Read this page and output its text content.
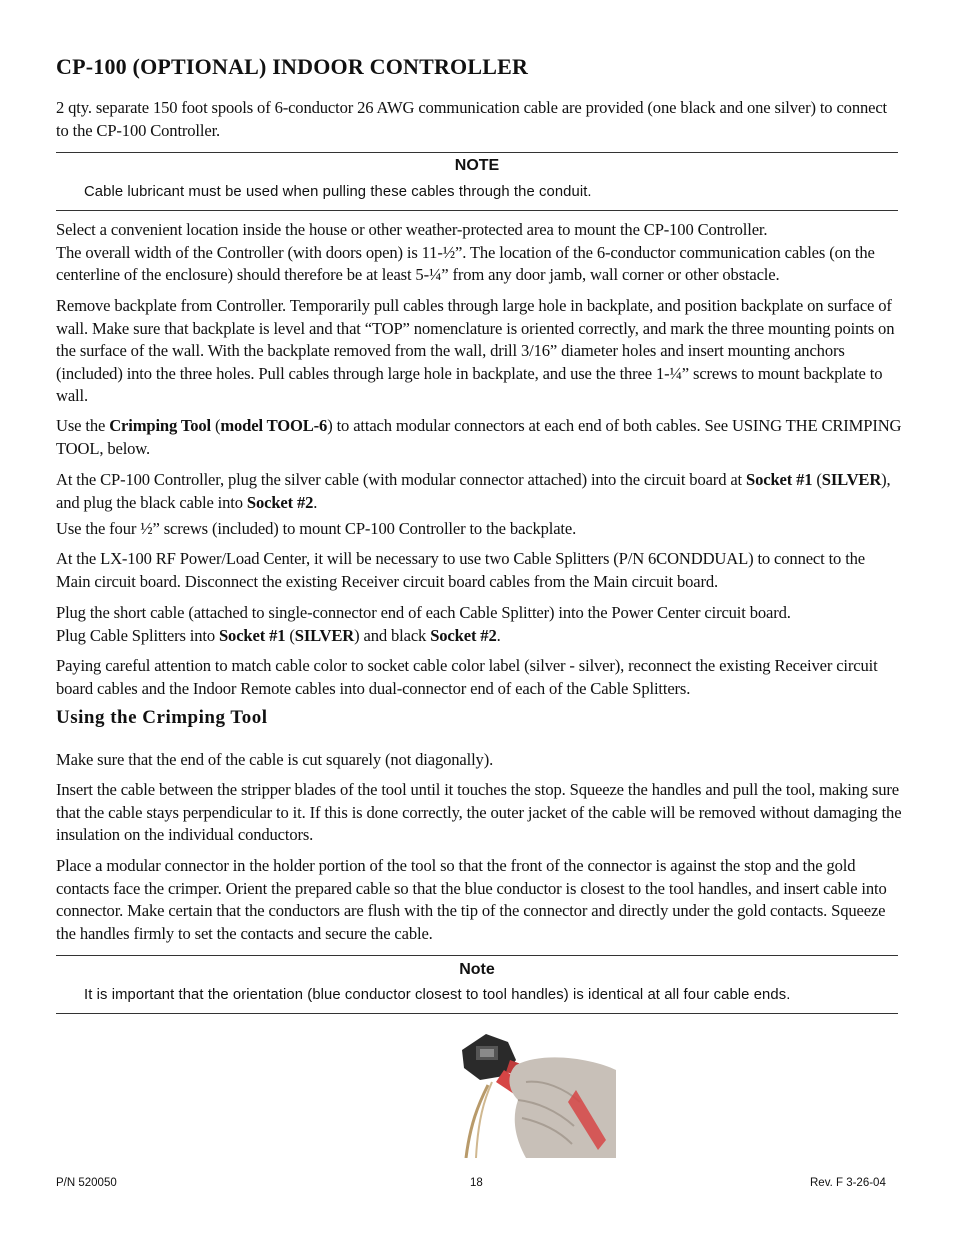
CP-100 (OPTIONAL) INDOOR CONTROLLER

2 qty. separate 150 foot spools of 6-conductor 26 AWG communication cable are provided (one black and one silver) to connect to the CP-100 Controller.

NOTE
Cable lubricant must be used when pulling these cables through the conduit.

Select a convenient location inside the house or other weather-protected area to mount the CP-100 Controller.
The overall width of the Controller (with doors open) is 11-½”. The location of the 6-conductor communication cables (on the centerline of the enclosure) should therefore be at least 5-¼” from any door jamb, wall corner or other obstacle.

Remove backplate from Controller. Temporarily pull cables through large hole in backplate, and position backplate on surface of wall. Make sure that backplate is level and that “TOP” nomenclature is oriented correctly, and mark the three mounting points on the surface of the wall. With the backplate removed from the wall, drill 3/16” diameter holes and insert mounting anchors (included) into the three holes. Pull cables through large hole in backplate, and use the three 1-¼” screws to mount backplate to wall.

Use the Crimping Tool (model TOOL-6) to attach modular connectors at each end of both cables. See USING THE CRIMPING TOOL, below.

At the CP-100 Controller, plug the silver cable (with modular connector attached) into the circuit board at Socket #1 (SILVER), and plug the black cable into Socket #2.

Use the four ½” screws (included) to mount CP-100 Controller to the backplate.

At the LX-100 RF Power/Load Center, it will be necessary to use two Cable Splitters (P/N 6CONDDUAL) to connect to the Main circuit board. Disconnect the existing Receiver circuit board cables from the Main circuit board.

Plug the short cable (attached to single-connector end of each Cable Splitter) into the Power Center circuit board.
Plug Cable Splitters into Socket #1 (SILVER) and black Socket #2.

Paying careful attention to match cable color to socket cable color label (silver - silver), reconnect the existing Receiver circuit board cables and the Indoor Remote cables into dual-connector end of each of the Cable Splitters.

Using the Crimping Tool

Make sure that the end of the cable is cut squarely (not diagonally).

Insert the cable between the stripper blades of the tool until it touches the stop. Squeeze the handles and pull the tool, making sure that the cable stays perpendicular to it. If this is done correctly, the outer jacket of the cable will be removed without damaging the insulation on the individual conductors.

Place a modular connector in the holder portion of the tool so that the front of the connector is against the stop and the gold contacts face the crimper. Orient the prepared cable so that the blue conductor is closest to the tool handles, and insert cable into connector. Make certain that the conductors are flush with the tip of the connector and directly under the gold contacts. Squeeze the handles firmly to set the contacts and secure the cable.

Note
It is important that the orientation (blue conductor closest to tool handles) is identical at all four cable ends.
P/N 520050	18	Rev. F 3-26-04
